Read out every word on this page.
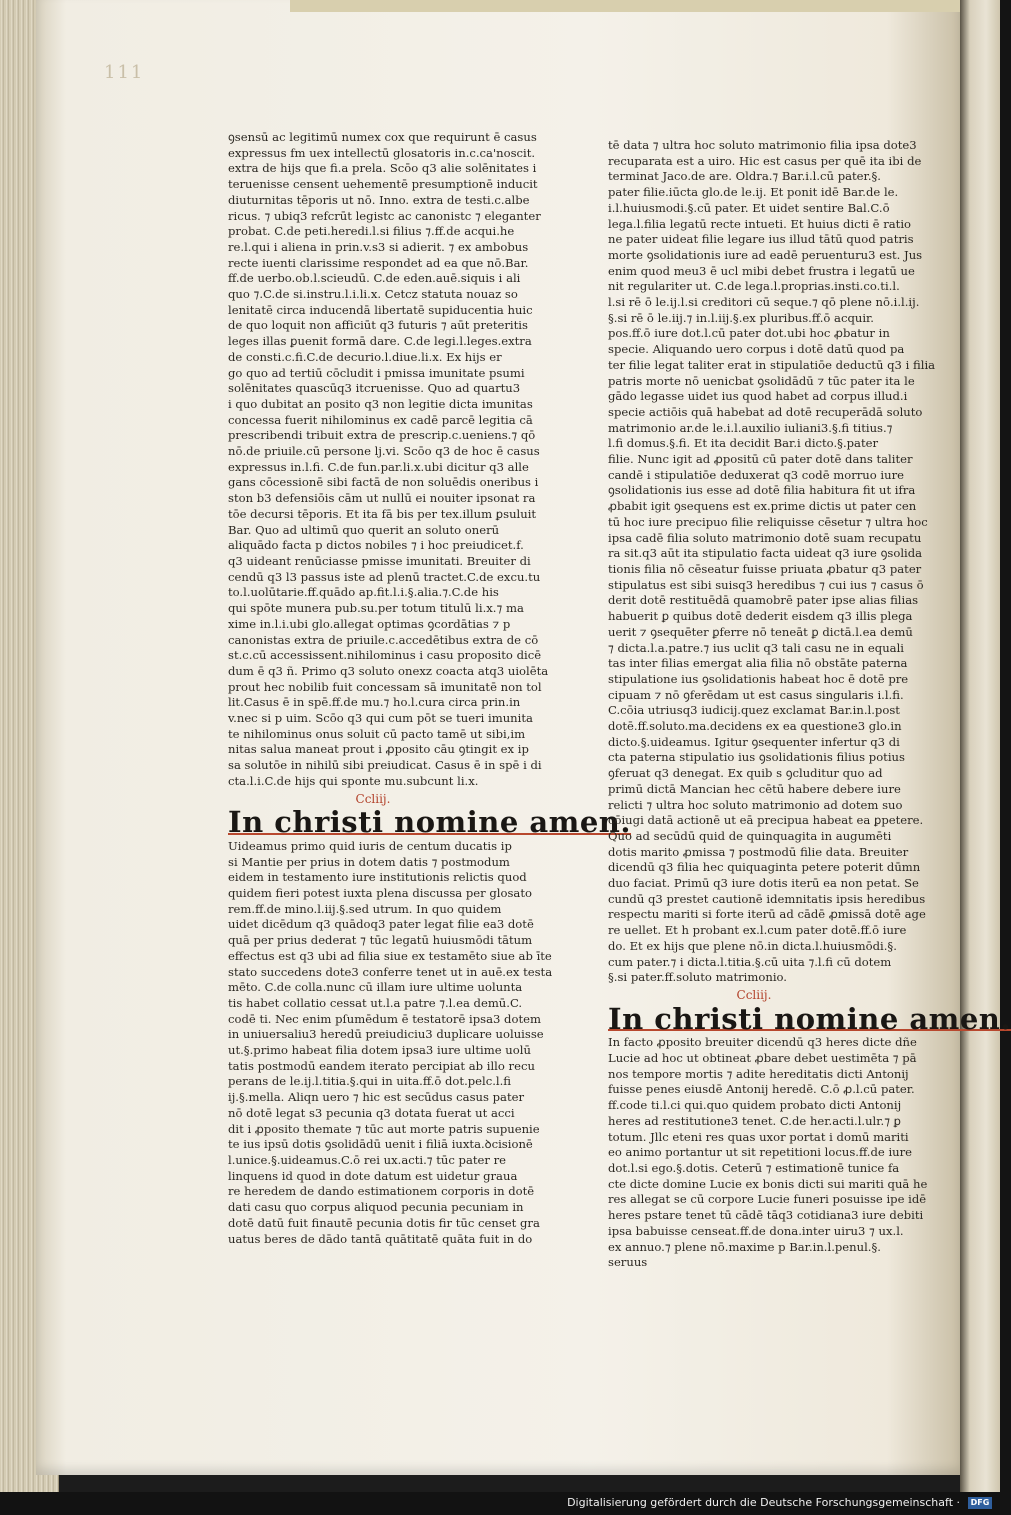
111

ꝯsensū ac legitimū numex cox que requirunt ē casus

expressus fm uex intellectū glosatoris in.c.ca'noscit.

extra de hijs que fi.a prela. Scōo q3 alie solēnitates i

teruenisse censent uehementē presumptionē inducit

diuturnitas tēporis ut nō. Inno. extra de testi.c.albe

ricus. ⁊ ubiq3 refcrūt legistc ac canonistc ⁊ eleganter

probat. C.de peti.heredi.l.si filius ⁊.ff.de acqui.he

re.l.qui i aliena in prin.v.s3 si adierit. ⁊ ex ambobus

recte iuenti clarissime respondet ad ea que nō.Bar.

ff.de uerbo.ob.l.scieudū. C.de eden.auē.siquis i ali

quo ⁊.C.de si.instru.l.i.li.x. Cetcz statuta nouaz so

lenitatē circa inducendā libertatē supiducentia huic

de quo loquit non afficiūt q3 futuris ⁊ aūt preteritis

leges illas ꝑuenit formā dare. C.de legi.l.leges.extra

de consti.c.fi.C.de decurio.l.diue.li.x. Ex hijs er

go quo ad tertiū cōcludit i pmissa imunitate psumi

solēnitates quascūq3 itcruenisse. Quo ad quartu3

i quo dubitat an posito q3 non legitie dicta imunitas

concessa fuerit nihilominus ex cadē parcē legitia cā

prescribendi tribuit extra de prescrip.c.ueniens.⁊ qō

nō.de priuile.cū persone lj.vi. Scōo q3 de hoc ē casus

expressus in.l.fi. C.de fun.par.li.x.ubi dicitur q3 alle

gans cōcessionē sibi factā de non soluēdis oneribus i

ston b3 defensiōis cām ut nullū ei nouiter ipsonat ra

tōe decursi tēporis. Et ita fā bis per tex.illum ꝑsuluit

Bar. Quo ad ultimū quo querit an soluto onerū

aliquādo facta p dictos nobiles ⁊ i hoc preiudicet.f.

q3 uideant renūciasse pmisse imunitati. Breuiter di

cendū q3 l3 passus iste ad plenū tractet.C.de excu.tu

to.l.uolūtarie.ff.quādo ap.fit.l.i.§.alia.⁊.C.de his

qui spōte munera pub.su.per totum titulū li.x.⁊ ma

xime in.l.i.ubi glo.allegat optimas ꝯcordātias ⁊ p

canonistas extra de priuile.c.accedētibus extra de cō

st.c.cū accessissent.nihilominus i casu proposito dicē

dum ē q3 ñ. Primo q3 soluto onexz coacta atq3 uiolēta

prout hec nobilib fuit concessam sā imunitatē non tol

lit.Casus ē in spē.ff.de mu.⁊ ho.l.cura circa prin.in

v.nec si p uim. Scōo q3 qui cum pōt se tueri imunita

te nihilominus onus soluit cū pacto tamē ut sibi,im

nitas salua maneat prout i ꝓposito cāu ꝯtingit ex ip

sa solutōe in nihilū sibi preiudicat. Casus ē in spē i di

cta.l.i.C.de hijs qui sponte mu.subcunt li.x.

Ccliij.
In christi nomine amen.

Uideamus primo quid iuris de centum ducatis ip

si Mantie per prius in dotem datis ⁊ postmodum

eidem in testamento iure institutionis relictis quod

quidem fieri potest iuxta plena discussa per glosato

rem.ff.de mino.l.iij.§.sed utrum. In quo quidem

uidet dicēdum q3 quādoq3 pater legat filie ea3 dotē

quā per prius dederat ⁊ tūc legatū huiusmōdi tātum

effectus est q3 ubi ad filia siue ex testamēto siue ab īte

stato succedens dote3 conferre tenet ut in auē.ex testa

mēto. C.de colla.nunc cū illam iure ultime uolunta

tis habet collatio cessat ut.l.a patre ⁊.l.ea demū.C.

codē ti. Nec enim pſumēdum ē testatorē ipsa3 dotem

in uniuersaliu3 heredū preiudiciu3 duplicare uoluisse

ut.§.primo habeat filia dotem ipsa3 iure ultime uolū

tatis postmodū eandem iterato percipiat ab illo recu

perans de le.ij.l.titia.§.qui in uita.ff.ō dot.pelc.l.fi

ij.§.mella. Aliqn uero ⁊ hic est secūdus casus pater

nō dotē legat s3 pecunia q3 dotata fuerat ut acci

dit i ꝓposito themate ⁊ tūc aut morte patris supuenie

te ius ipsū dotis ꝯsolidādū uenit i filiā iuxta.ꝺcisionē

l.unice.§.uideamus.C.ō rei ux.acti.⁊ tūc pater re

linquens id quod in dote datum est uidetur graua

re heredem de dando estimationem corporis in dotē

dati casu quo corpus aliquod pecunia pecuniam in

dotē datū fuit finautē pecunia dotis fir tūc censet gra

uatus beres de dādo tantā quātitatē quāta fuit in do

tē data ⁊ ultra hoc soluto matrimonio filia ipsa dote3

recuparata est a uiro. Hic est casus per quē ita ibi de

terminat Jaco.de are. Oldra.⁊ Bar.i.l.cū pater.§.

pater filie.iūcta glo.de le.ij. Et ponit idē Bar.de le.

i.l.huiusmodi.§.cū pater. Et uidet sentire Bal.C.ō

lega.l.filia legatū recte intueti. Et huius dicti ē ratio

ne pater uideat filie legare ius illud tātū quod patris

morte ꝯsolidationis iure ad eadē peruenturu3 est. Jus

enim quod meu3 ē ucl mibi debet frustra i legatū ue

nit regulariter ut. C.de lega.l.proprias.insti.co.ti.l.

l.si rē ō le.ij.l.si creditori cū seque.⁊ qō plene nō.i.l.ij.

§.si rē ō le.iij.⁊ in.l.iij.§.ex pluribus.ff.ō acquir.

pos.ff.ō iure dot.l.cū pater dot.ubi hoc ꝓbatur in

specie. Aliquando uero corpus i dotē datū quod pa

ter filie legat taliter erat in stipulatiōe deductū q3 i filia

patris morte nō uenicbat ꝯsolidādū ⁊ tūc pater ita le

gādo legasse uidet ius quod habet ad corpus illud.i

specie actiōis quā habebat ad dotē recuperādā soluto

matrimonio ar.de le.i.l.auxilio iuliani3.§.fi titius.⁊

l.fi domus.§.fi. Et ita decidit Bar.i dicto.§.pater

filie. Nunc igit ad ꝓpositū cū pater dotē dans taliter

candē i stipulatiōe deduxerat q3 codē morruo iure

ꝯsolidationis ius esse ad dotē filia habitura fit ut ifra

ꝓbabit igit ꝯsequens est ex.prime dictis ut pater cen

tū hoc iure precipuo filie reliquisse cēsetur ⁊ ultra hoc

ipsa cadē filia soluto matrimonio dotē suam recupatu

ra sit.q3 aūt ita stipulatio facta uideat q3 iure ꝯsolida

tionis filia nō cēseatur fuisse priuata ꝓbatur q3 pater

stipulatus est sibi suisq3 heredibus ⁊ cui ius ⁊ casus ō

derit dotē restituēdā quamobrē pater ipse alias filias

habuerit ꝑ quibus dotē dederit eisdem q3 illis plega

uerit ⁊ ꝯsequēter ꝑferre nō teneāt ꝑ dictā.l.ea demū

⁊ dicta.l.a.patre.⁊ ius uclit q3 tali casu ne in equali

tas inter filias emergat alia filia nō obstāte paterna

stipulatione ius ꝯsolidationis habeat hoc ē dotē pre

cipuam ⁊ nō ꝯferēdam ut est casus singularis i.l.fi.

C.cōia utriusq3 iudicij.quez exclamat Bar.in.l.post

dotē.ff.soluto.ma.decidens ex ea questione3 glo.in

dicto.§.uideamus. Igitur ꝯsequenter infertur q3 di

cta paterna stipulatio ius ꝯsolidationis filius potius

ꝯferuat q3 denegat. Ex quib s ꝯcluditur quo ad

primū dictā Mancian hec cētū habere debere iure

relicti ⁊ ultra hoc soluto matrimonio ad dotem suo

cōiugi datā actionē ut eā precipua habeat ea ꝑpetere.

Quo ad secūdū quid de quinquagita in augumēti

dotis marito ꝓmissa ⁊ postmodū filie data. Breuiter

dicendū q3 filia hec quiquaginta petere poterit dūmn

duo faciat. Primū q3 iure dotis iterū ea non petat. Se

cundū q3 prestet cautionē idemnitatis ipsis heredibus

respectu mariti si forte iterū ad cādē ꝓmissā dotē age

re uellet. Et h probant ex.l.cum pater dotē.ff.ō iure

do. Et ex hijs que plene nō.in dicta.l.huiusmōdi.§.

cum pater.⁊ i dicta.l.titia.§.cū uita ⁊.l.fi cū dotem

§.si pater.ff.soluto matrimonio.

Ccliij.
In christi nomine amen.

In facto ꝓposito breuiter dicendū q3 heres dicte dñe

Lucie ad hoc ut obtineat ꝓbare debet uestimēta ⁊ pā

nos tempore mortis ⁊ adite hereditatis dicti Antonij

fuisse penes eiusdē Antonij heredē. C.ō ꝓ.l.cū pater.

ff.code ti.l.ci qui.quo quidem probato dicti Antonij

heres ad restitutione3 tenet. C.de her.acti.l.ulr.⁊ ꝑ

totum. Jllc eteni res quas uxor portat i domū mariti

eo animo portantur ut sit repetitioni locus.ff.de iure

dot.l.si ego.§.dotis. Ceterū ⁊ estimationē tunice fa

cte dicte domine Lucie ex bonis dicti sui mariti quā he

res allegat se cū corpore Lucie funeri posuisse ipe idē

heres pstare tenet tū cādē tāq3 cotidiana3 iure debiti

ipsa babuisse censeat.ff.de dona.inter uiru3 ⁊ ux.l.

ex annuo.⁊ plene nō.maxime p Bar.in.l.penul.§.

seruus

Digitalisierung gefördert durch die Deutsche Forschungsgemeinschaft ·	DFG
